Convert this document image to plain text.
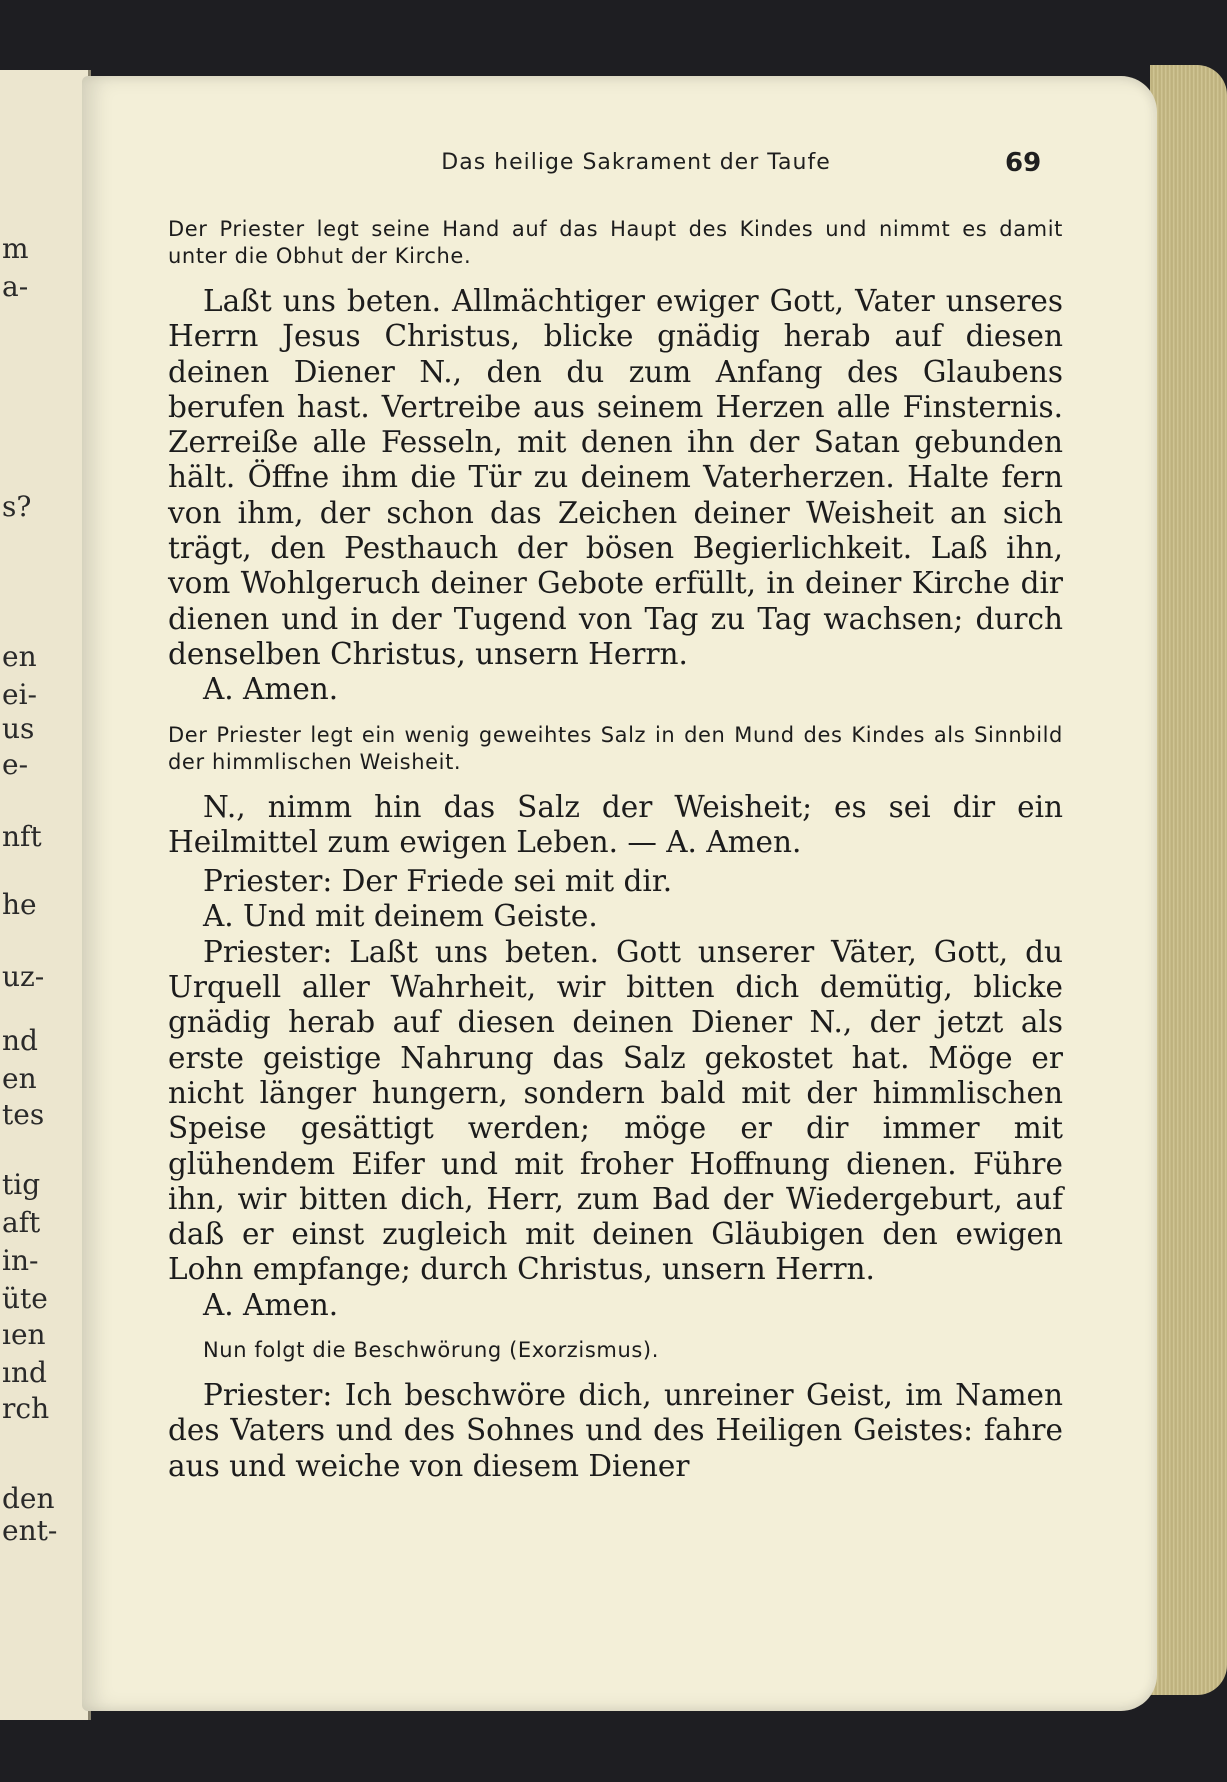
m
a-
s?
en
ei-
us
e-
nft
he
uz-
nd
en
tes
tig
aft
in-
üte
ıen
ınd
rch
den
ent-
Das heilige Sakrament der Taufe	69

Der Priester legt seine Hand auf das Haupt des Kindes und nimmt es damit unter die Obhut der Kirche.

Laßt uns beten. Allmächtiger ewiger Gott, Vater unseres Herrn Jesus Christus, blicke gnädig herab auf diesen deinen Diener N., den du zum Anfang des Glaubens berufen hast. Vertreibe aus seinem Herzen alle Finsternis. Zerreiße alle Fesseln, mit denen ihn der Satan gebunden hält. Öffne ihm die Tür zu deinem Vaterherzen. Halte fern von ihm, der schon das Zeichen deiner Weisheit an sich trägt, den Pesthauch der bösen Begierlichkeit. Laß ihn, vom Wohlgeruch deiner Gebote erfüllt, in deiner Kirche dir dienen und in der Tugend von Tag zu Tag wachsen; durch denselben Christus, unsern Herrn.

A. Amen.

Der Priester legt ein wenig geweihtes Salz in den Mund des Kindes als Sinnbild der himmlischen Weisheit.

N., nimm hin das Salz der Weisheit; es sei dir ein Heilmittel zum ewigen Leben. — A. Amen.

Priester: Der Friede sei mit dir.

A. Und mit deinem Geiste.

Priester: Laßt uns beten. Gott unserer Väter, Gott, du Urquell aller Wahrheit, wir bitten dich demütig, blicke gnädig herab auf diesen deinen Diener N., der jetzt als erste geistige Nahrung das Salz gekostet hat. Möge er nicht länger hungern, sondern bald mit der himmlischen Speise gesättigt werden; möge er dir immer mit glühendem Eifer und mit froher Hoffnung dienen. Führe ihn, wir bitten dich, Herr, zum Bad der Wiedergeburt, auf daß er einst zugleich mit deinen Gläubigen den ewigen Lohn empfange; durch Christus, unsern Herrn.

A. Amen.

Nun folgt die Beschwörung (Exorzismus).

Priester: Ich beschwöre dich, unreiner Geist, im Namen des Vaters und des Sohnes und des Heiligen Geistes: fahre aus und weiche von diesem Diener
